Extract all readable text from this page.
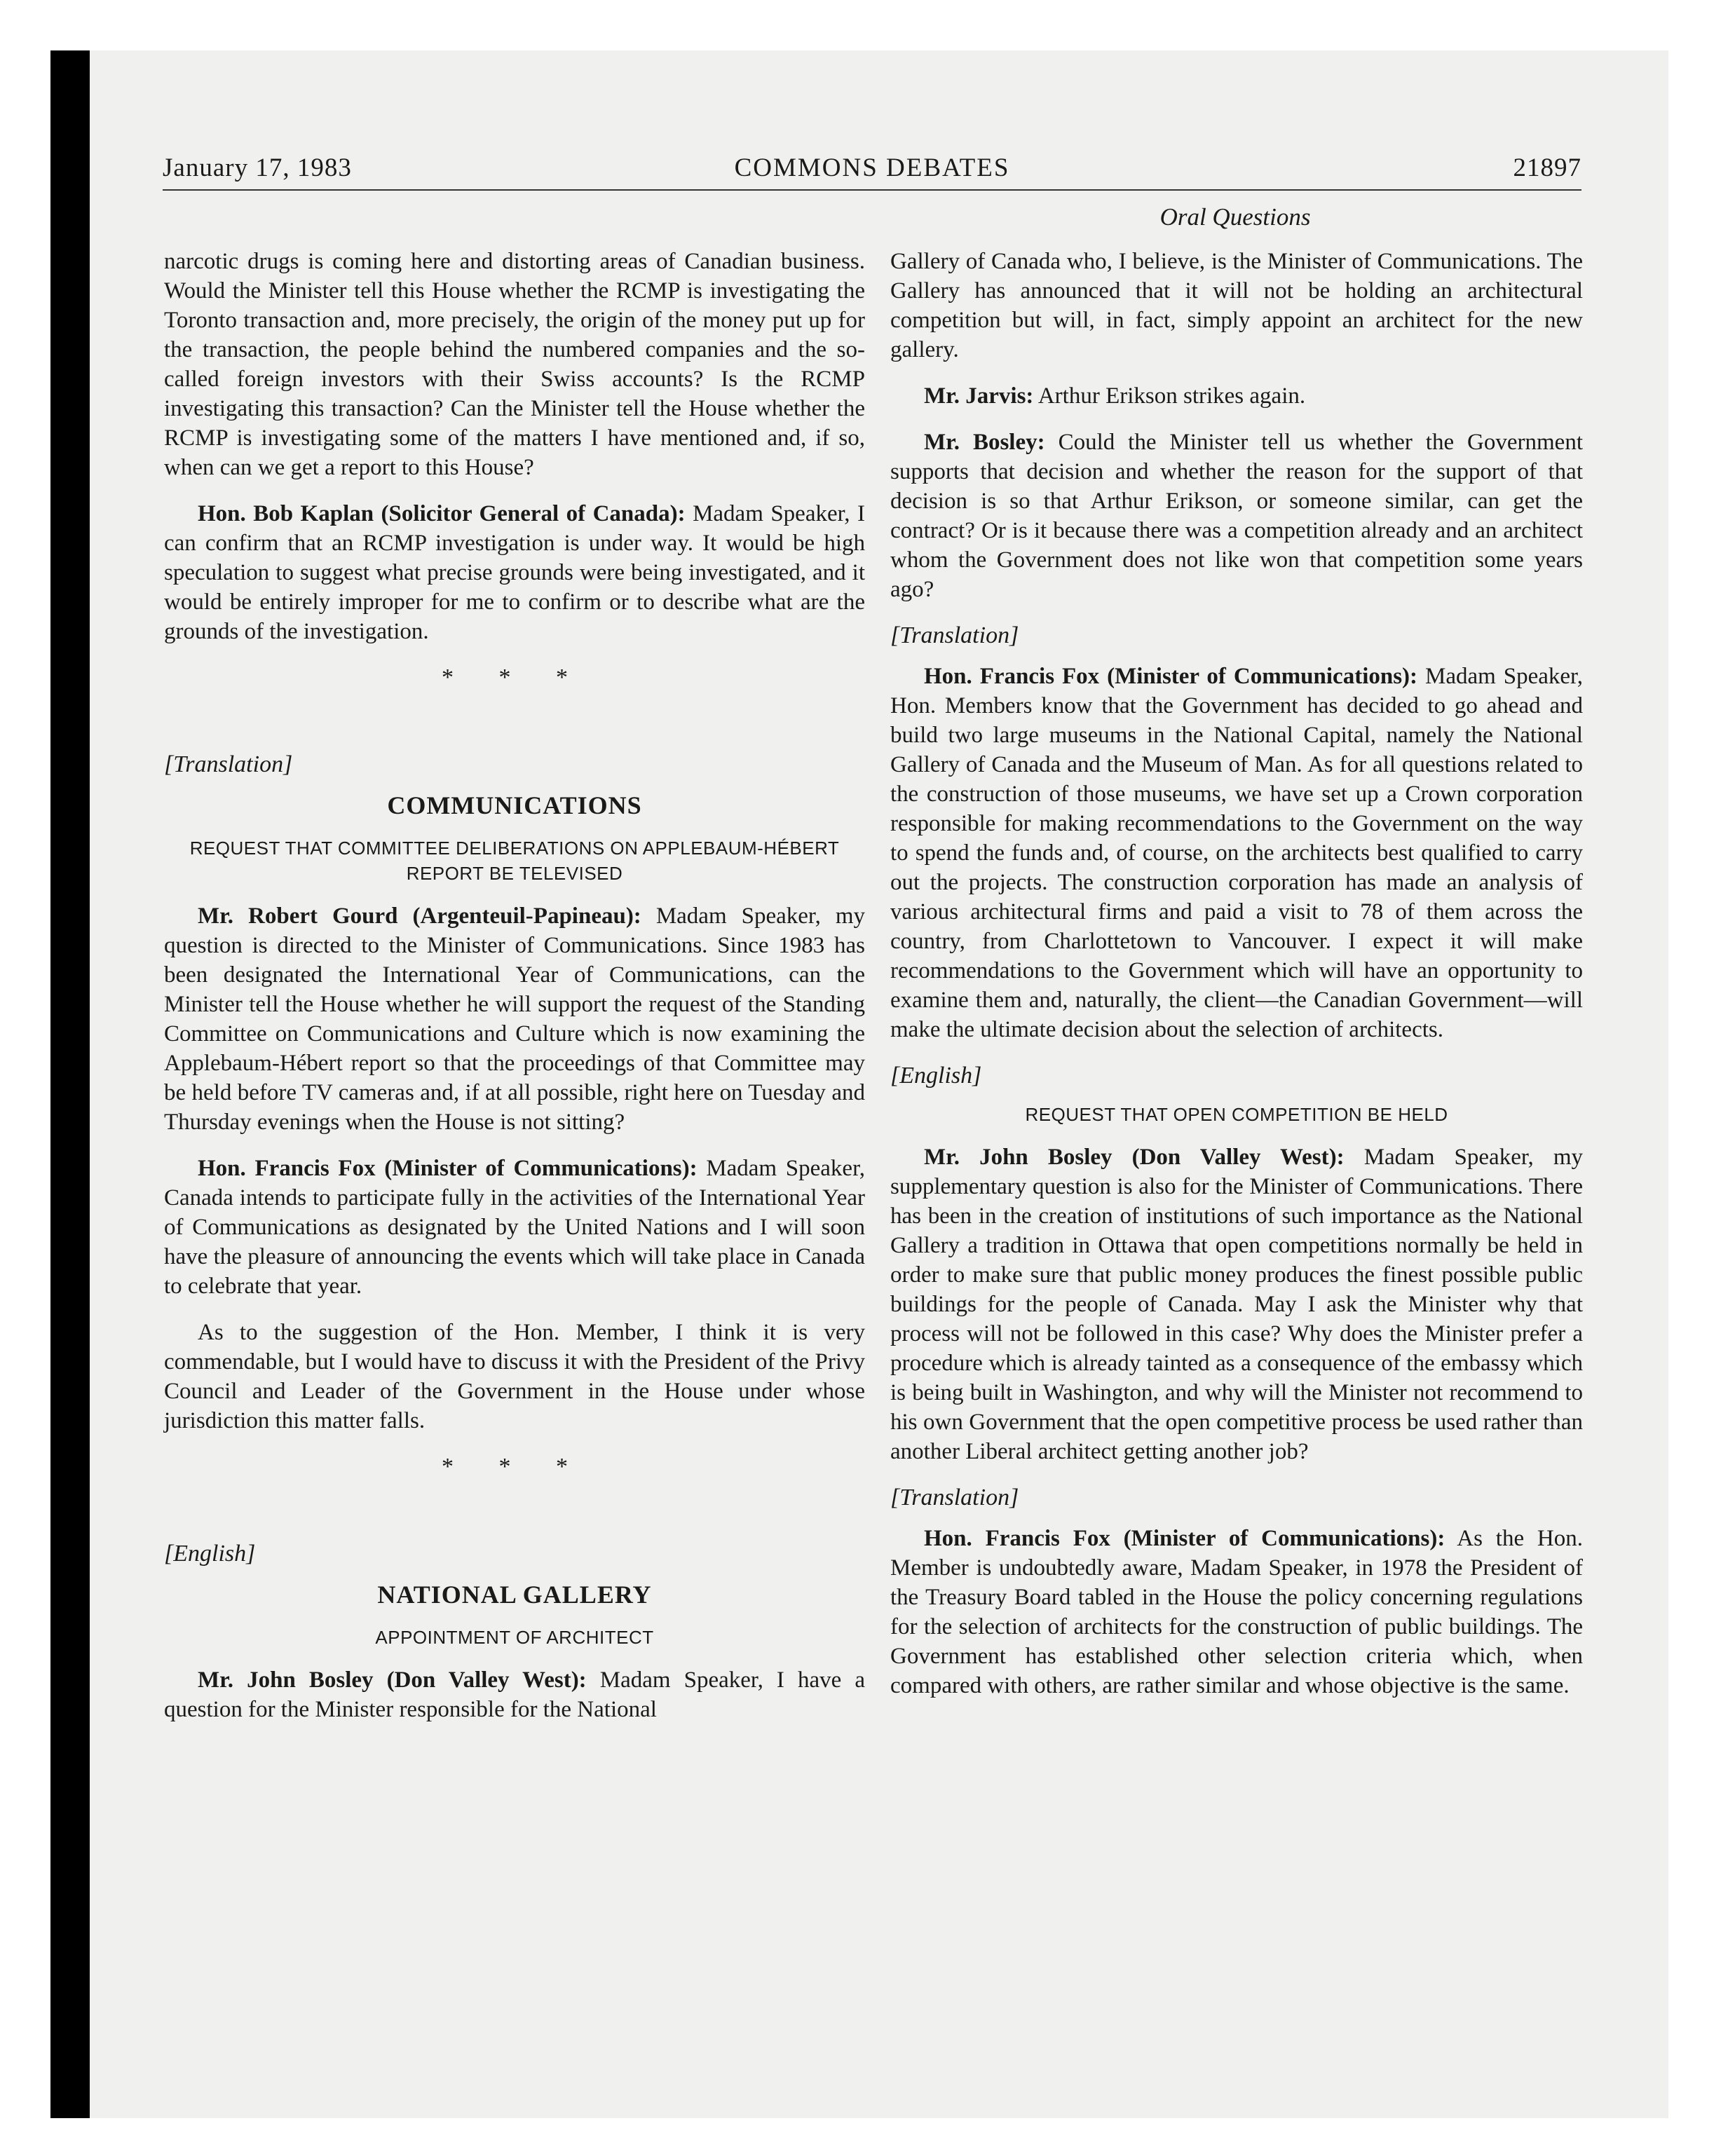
January 17, 1983	COMMONS DEBATES	21897
Oral Questions

narcotic drugs is coming here and distorting areas of Canadian business. Would the Minister tell this House whether the RCMP is investigating the Toronto transaction and, more precisely, the origin of the money put up for the transaction, the people behind the numbered companies and the so-called foreign investors with their Swiss accounts? Is the RCMP investigating this transaction? Can the Minister tell the House whether the RCMP is investigating some of the matters I have mentioned and, if so, when can we get a report to this House?

Hon. Bob Kaplan (Solicitor General of Canada): Madam Speaker, I can confirm that an RCMP investigation is under way. It would be high speculation to suggest what precise grounds were being investigated, and it would be entirely improper for me to confirm or to describe what are the grounds of the investigation.

* * *
[Translation]
COMMUNICATIONS
REQUEST THAT COMMITTEE DELIBERATIONS ON APPLEBAUM-HÉBERT REPORT BE TELEVISED

Mr. Robert Gourd (Argenteuil-Papineau): Madam Speaker, my question is directed to the Minister of Communications. Since 1983 has been designated the International Year of Communications, can the Minister tell the House whether he will support the request of the Standing Committee on Communications and Culture which is now examining the Applebaum-Hébert report so that the proceedings of that Committee may be held before TV cameras and, if at all possible, right here on Tuesday and Thursday evenings when the House is not sitting?

Hon. Francis Fox (Minister of Communications): Madam Speaker, Canada intends to participate fully in the activities of the International Year of Communications as designated by the United Nations and I will soon have the pleasure of announcing the events which will take place in Canada to celebrate that year.

As to the suggestion of the Hon. Member, I think it is very commendable, but I would have to discuss it with the President of the Privy Council and Leader of the Government in the House under whose jurisdiction this matter falls.

* * *
[English]
NATIONAL GALLERY
APPOINTMENT OF ARCHITECT

Mr. John Bosley (Don Valley West): Madam Speaker, I have a question for the Minister responsible for the National

Gallery of Canada who, I believe, is the Minister of Communications. The Gallery has announced that it will not be holding an architectural competition but will, in fact, simply appoint an architect for the new gallery.

Mr. Jarvis: Arthur Erikson strikes again.

Mr. Bosley: Could the Minister tell us whether the Government supports that decision and whether the reason for the support of that decision is so that Arthur Erikson, or someone similar, can get the contract? Or is it because there was a competition already and an architect whom the Government does not like won that competition some years ago?

[Translation]

Hon. Francis Fox (Minister of Communications): Madam Speaker, Hon. Members know that the Government has decided to go ahead and build two large museums in the National Capital, namely the National Gallery of Canada and the Museum of Man. As for all questions related to the construction of those museums, we have set up a Crown corporation responsible for making recommendations to the Government on the way to spend the funds and, of course, on the architects best qualified to carry out the projects. The construction corporation has made an analysis of various architectural firms and paid a visit to 78 of them across the country, from Charlottetown to Vancouver. I expect it will make recommendations to the Government which will have an opportunity to examine them and, naturally, the client—the Canadian Government—will make the ultimate decision about the selection of architects.

[English]
REQUEST THAT OPEN COMPETITION BE HELD

Mr. John Bosley (Don Valley West): Madam Speaker, my supplementary question is also for the Minister of Communications. There has been in the creation of institutions of such importance as the National Gallery a tradition in Ottawa that open competitions normally be held in order to make sure that public money produces the finest possible public buildings for the people of Canada. May I ask the Minister why that process will not be followed in this case? Why does the Minister prefer a procedure which is already tainted as a consequence of the embassy which is being built in Washington, and why will the Minister not recommend to his own Government that the open competitive process be used rather than another Liberal architect getting another job?

[Translation]

Hon. Francis Fox (Minister of Communications): As the Hon. Member is undoubtedly aware, Madam Speaker, in 1978 the President of the Treasury Board tabled in the House the policy concerning regulations for the selection of architects for the construction of public buildings. The Government has established other selection criteria which, when compared with others, are rather similar and whose objective is the same.
